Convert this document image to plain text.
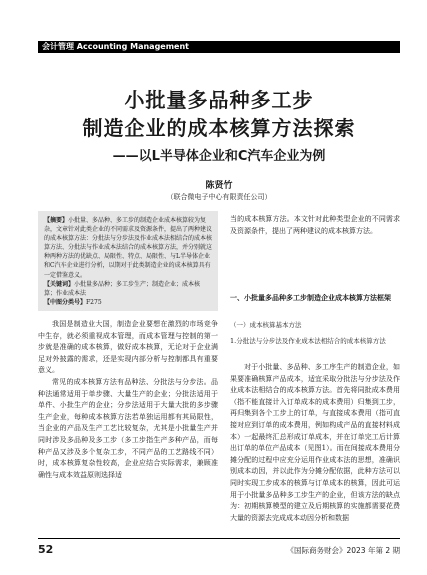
会计管理 Accounting Management
小批量多品种多工步
制造企业的成本核算方法探索
——以L半导体企业和C汽车企业为例
陈贤竹
（联合微电子中心有限责任公司）
【摘要】小批量、多品种、多工步的制造企业成本核算较为复杂，文章针对此类企业的不同需求及资源条件，提出了两种建议的成本核算方法：分批法与分步法及作业成本法相结合的成本核算方法、分批法与作业成本法结合的成本核算方法，并分别就这种两种方法的优缺点、局限性、特点、局限性、与L半导体企业和C汽车企业进行分析，以期对于此类制造企业的成本核算具有一定借鉴意义。
【关键词】小批量多品种；多工步生产；制造企业；成本核算；作业成本法
【中图分类号】F275

我国是制造业大国，制造企业要想在激烈的市场竞争中生存，就必须重视成本管理，而成本管理与控制的第一步就是准确的成本核算，做好成本核算，无论对于企业满足对外披露的需求，还是实现内部分析与控制都具有重要意义。

常见的成本核算方法有品种法、分批法与分步法。品种法通常适用于单步骤、大量生产的企业；分批法适用于单件、小批生产的企业；分步法适用于大量大批的多步骤生产企业，每种成本核算方法若单独运用都有其局限性，当企业的产品及生产工艺比较复杂，尤其是小批量生产并同时涉及多品种及多工步（多工步指生产多种产品，而每种产品又涉及多个复杂工步，不同产品的工艺路线不同）时，成本核算复杂性较高，企业应结合实际需求，兼顾准确性与成本效益原则选择适

当的成本核算方法。本文针对此种类型企业的不同需求及资源条件，提出了两种建议的成本核算方法。

一、小批量多品种多工步制造企业成本核算方法框架
（一）成本核算基本方法
1.分批法与分步法及作业成本法相结合的成本核算方法

对于小批量、多品种、多工序生产的制造企业，如果要准确核算产品成本，适宜采取分批法与分步法及作业成本法相结合的成本核算方法。首先将同批成本费用（指不能直接计入订单成本的成本费用）归集到工步，再归集到各个工步上的订单，与直接成本费用（指可直接对应到订单的成本费用，例如构成产品的直接材料成本）一起最终汇总形成订单成本，并在订单完工后计算出订单的单位产品成本（见图1）。而在间接成本费用分摊分配的过程中应充分运用作业成本法的思想，准确识别成本动因，并以此作为分摊分配依据，此种方法可以同时实现工步成本的核算与订单成本的核算，因此可运用于小批量多品种多工步生产的企业，但该方法的缺点为：初期核算模型的建立及后期核算的实施都需要花费大量的资源去完成成本动因分析和数据

52	《国际商务财会》2023 年第 2 期
